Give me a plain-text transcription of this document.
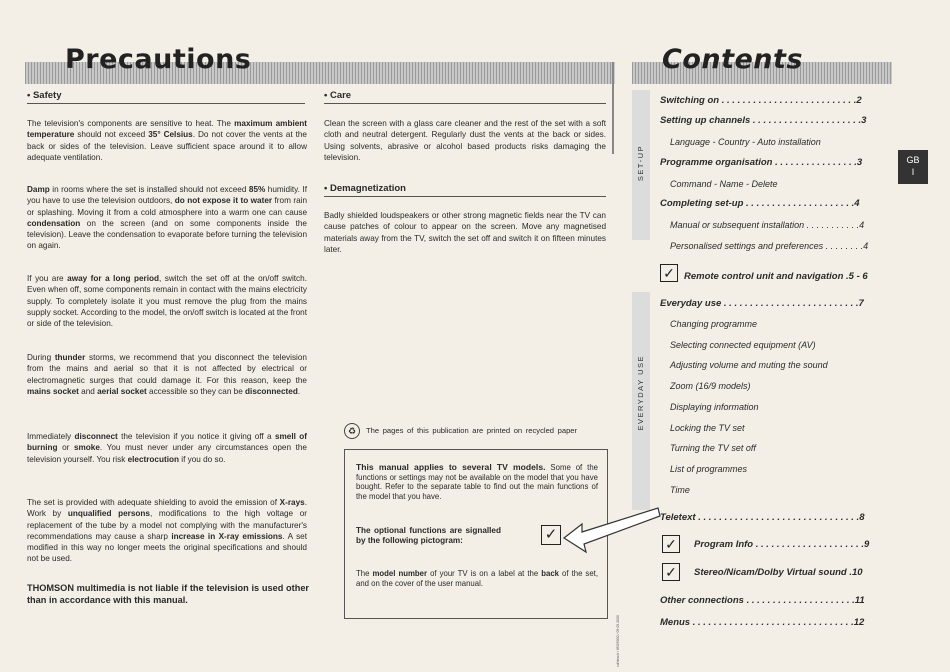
Precautions	Contents
• Safety

The television's components are sensitive to heat. The maximum ambient temperature should not exceed 35° Celsius. Do not cover the vents at the back or sides of the television. Leave sufficient space around it to allow adequate ventilation.

Damp in rooms where the set is installed should not exceed 85% humidity. If you have to use the television outdoors, do not expose it to water from rain or splashing. Moving it from a cold atmosphere into a warm one can cause condensation on the screen (and on some components inside the television). Leave the condensation to evaporate before turning the television on again.

If you are away for a long period, switch the set off at the on/off switch. Even when off, some components remain in contact with the mains electricity supply. To completely isolate it you must remove the plug from the mains supply socket. According to the model, the on/off switch is located at the front or side of the television.

During thunder storms, we recommend that you disconnect the television from the mains and aerial so that it is not affected by electrical or electromagnetic surges that could damage it. For this reason, keep the mains socket and aerial socket accessible so they can be disconnected.

Immediately disconnect the television if you notice it giving off a smell of burning or smoke. You must never under any circumstances open the television yourself. You risk electrocution if you do so.

The set is provided with adequate shielding to avoid the emission of X-rays. Work by unqualified persons, modifications to the high voltage or replacement of the tube by a model not complying with the manufacturer's recommendations may cause a sharp increase in X-ray emissions. A set modified in this way no longer meets the original specifications and should not be used.

THOMSON multimedia is not liable if the television is used other than in accordance with this manual.

• Care

Clean the screen with a glass care cleaner and the rest of the set with a soft cloth and neutral detergent. Regularly dust the vents at the back or sides. Using solvents, abrasive or alcohol based products risks damaging the television.

• Demagnetization

Badly shielded loudspeakers or other strong magnetic fields near the TV can cause patches of colour to appear on the screen. Move any magnetised materials away from the TV, switch the set off and switch it on fifteen minutes later.

♻	The pages of this publication are printed on recycled paper

This manual applies to several TV models. Some of the functions or settings may not be available on the model that you have bought. Refer to the separate table to find out the main functions of the model that you have.

The optional functions are signalled by the following pictogram:	✓

The model number of your TV is on a label at the back of the set, and on the cover of the user manual.

cd/rlesch / 853/9000 / 09.05.2000
SET-UP
EVERYDAY USE
GB
I
Switching on . . . . . . . . . . . . . . . . . . . . . . . . . .2
Setting up channels . . . . . . . . . . . . . . . . . . . . .3
Language - Country - Auto installation
Programme organisation . . . . . . . . . . . . . . . .3
Command - Name - Delete
Completing set-up . . . . . . . . . . . . . . . . . . . . .4
Manual or subsequent installation . . . . . . . . . . .4
Personalised settings and preferences . . . . . . . .4
✓ Remote control unit and navigation .5 - 6
Everyday use . . . . . . . . . . . . . . . . . . . . . . . . . .7
Changing programme
Selecting connected equipment (AV)
Adjusting volume and muting the sound
Zoom (16/9 models)
Displaying information
Locking the TV set
Turning the TV set off
List of programmes
Time
Teletext . . . . . . . . . . . . . . . . . . . . . . . . . . . . . . .8
✓	Program Info . . . . . . . . . . . . . . . . . . . . .9
✓	Stereo/Nicam/Dolby Virtual sound .10
Other connections . . . . . . . . . . . . . . . . . . . . .11
Menus . . . . . . . . . . . . . . . . . . . . . . . . . . . . . . .12
